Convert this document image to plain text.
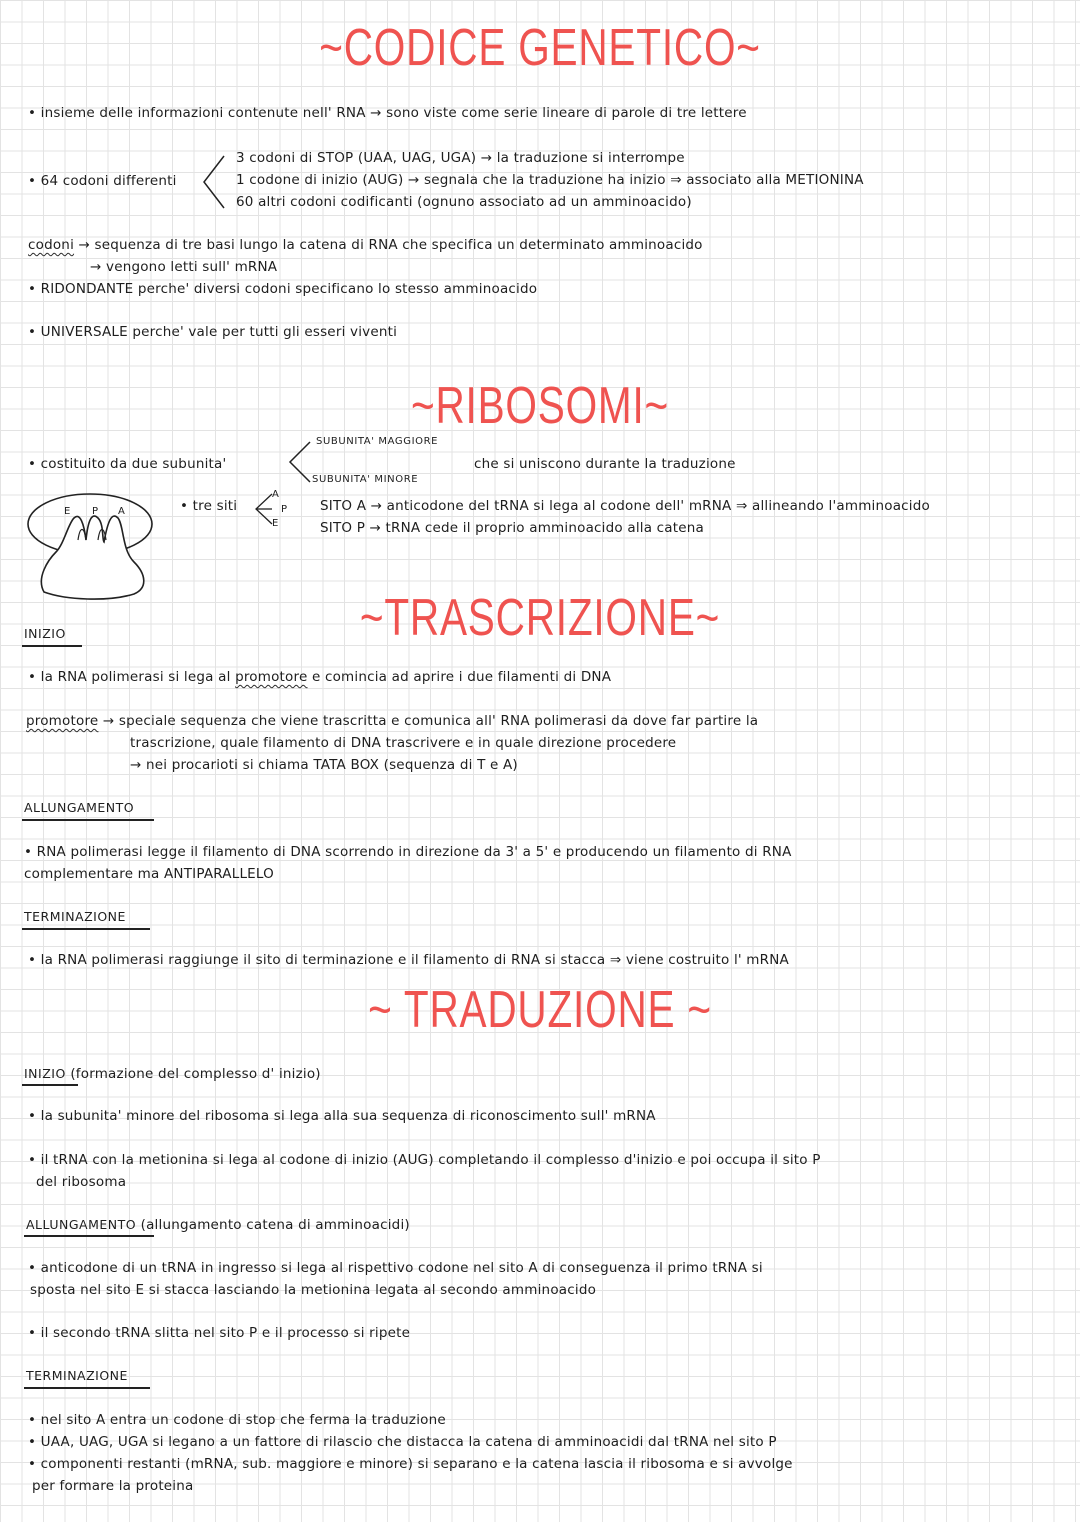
~CODICE GENETICO~
• insieme delle informazioni contenute nell' RNA → sono viste come serie lineare di parole di tre lettere
• 64 codoni differenti
3 codoni di STOP (UAA, UAG, UGA) → la traduzione si interrompe
1 codone di inizio (AUG) → segnala che la traduzione ha inizio ⇒ associato alla METIONINA
60 altri codoni codificanti (ognuno associato ad un amminoacido)
codoni → sequenza di tre basi lungo la catena di RNA che specifica un determinato amminoacido
→ vengono letti sull' mRNA
• RIDONDANTE perche' diversi codoni specificano lo stesso amminoacido
• UNIVERSALE perche' vale per tutti gli esseri viventi
~RIBOSOMI~
• costituito da due subunita'
SUBUNITA' MAGGIORE
SUBUNITA' MINORE
che si uniscono durante la traduzione
E P A	• tre siti
A
P
E
SITO A → anticodone del tRNA si lega al codone dell' mRNA ⇒ allineando l'amminoacido
SITO P → tRNA cede il proprio amminoacido alla catena
~TRASCRIZIONE~
INIZIO
• la RNA polimerasi si lega al promotore e comincia ad aprire i due filamenti di DNA
promotore → speciale sequenza che viene trascritta e comunica all' RNA polimerasi da dove far partire la
trascrizione, quale filamento di DNA trascrivere e in quale direzione procedere
→ nei procarioti si chiama TATA BOX (sequenza di T e A)
ALLUNGAMENTO
• RNA polimerasi legge il filamento di DNA scorrendo in direzione da 3' a 5' e producendo un filamento di RNA
complementare ma ANTIPARALLELO
TERMINAZIONE
• la RNA polimerasi raggiunge il sito di terminazione e il filamento di RNA si stacca ⇒ viene costruito l' mRNA
~ TRADUZIONE ~
INIZIO (formazione del complesso d' inizio)
• la subunita' minore del ribosoma si lega alla sua sequenza di riconoscimento sull' mRNA
• il tRNA con la metionina si lega al codone di inizio (AUG) completando il complesso d'inizio e poi occupa il sito P
del ribosoma
ALLUNGAMENTO (allungamento catena di amminoacidi)
• anticodone di un tRNA in ingresso si lega al rispettivo codone nel sito A di conseguenza il primo tRNA si
sposta nel sito E si stacca lasciando la metionina legata al secondo amminoacido
• il secondo tRNA slitta nel sito P e il processo si ripete
TERMINAZIONE
• nel sito A entra un codone di stop che ferma la traduzione
• UAA, UAG, UGA si legano a un fattore di rilascio che distacca la catena di amminoacidi dal tRNA nel sito P
• componenti restanti (mRNA, sub. maggiore e minore) si separano e la catena lascia il ribosoma e si avvolge
per formare la proteina
